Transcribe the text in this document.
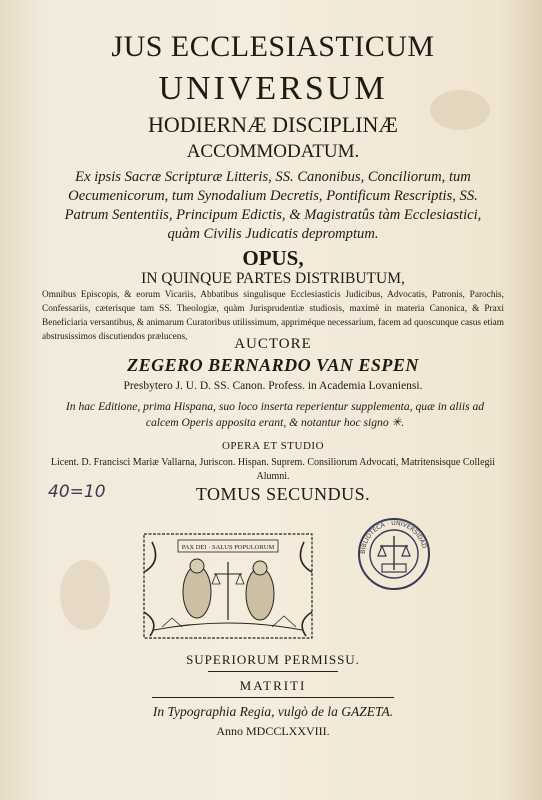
JUS ECCLESIASTICUM
UNIVERSUM
HODIERNÆ DISCIPLINÆ
ACCOMMODATUM.
Ex ipsis Sacræ Scripturæ Litteris, SS. Canonibus, Conciliorum, tum Oecumenicorum, tum Synodalium Decretis, Pontificum Rescriptis, SS. Patrum Sententiis, Principum Edictis, & Magistratûs tàm Ecclesiastici, quàm Civilis Judicatis depromptum.
OPUS,
IN QUINQUE PARTES DISTRIBUTUM,
Omnibus Episcopis, & eorum Vicariis, Abbatibus singulisque Ecclesiasticis Judicibus, Advocatis, Patronis, Parochis, Confessariis, cæterisque tam SS. Theologiæ, quàm Jurisprudentiæ studiosis, maximè in materia Canonica, & Praxi Beneficiaria versantibus, & animarum Curatoribus utilissimum, appriméque necessarium, facem ad quoscunque casus etiam abstrusissimos discutiendos prælucens,	AUCTORE
ZEGERO BERNARDO VAN ESPEN
Presbytero J. U. D. SS. Canon. Profess. in Academia Lovaniensi.
In hac Editione, prima Hispana, suo loco inserta reperientur supplementa, quæ in aliis ad calcem Operis apposita erant, & notantur hoc signo ✳.
OPERA ET STUDIO
Licent. D. Francisci Mariæ Vallarna, Juriscon. Hispan. Suprem. Consiliorum Advocati, Matritensisque Collegii Alumni.
TOMUS SECUNDUS.
SUPERIORUM PERMISSU.
MATRITI
In Typographia Regia, vulgò de la GAZETA.
Anno MDCCLXXVIII.
40=10
PAX DEI · SALUS POPULORUM
BIBLIOTECA · UNIVERSIDAD
